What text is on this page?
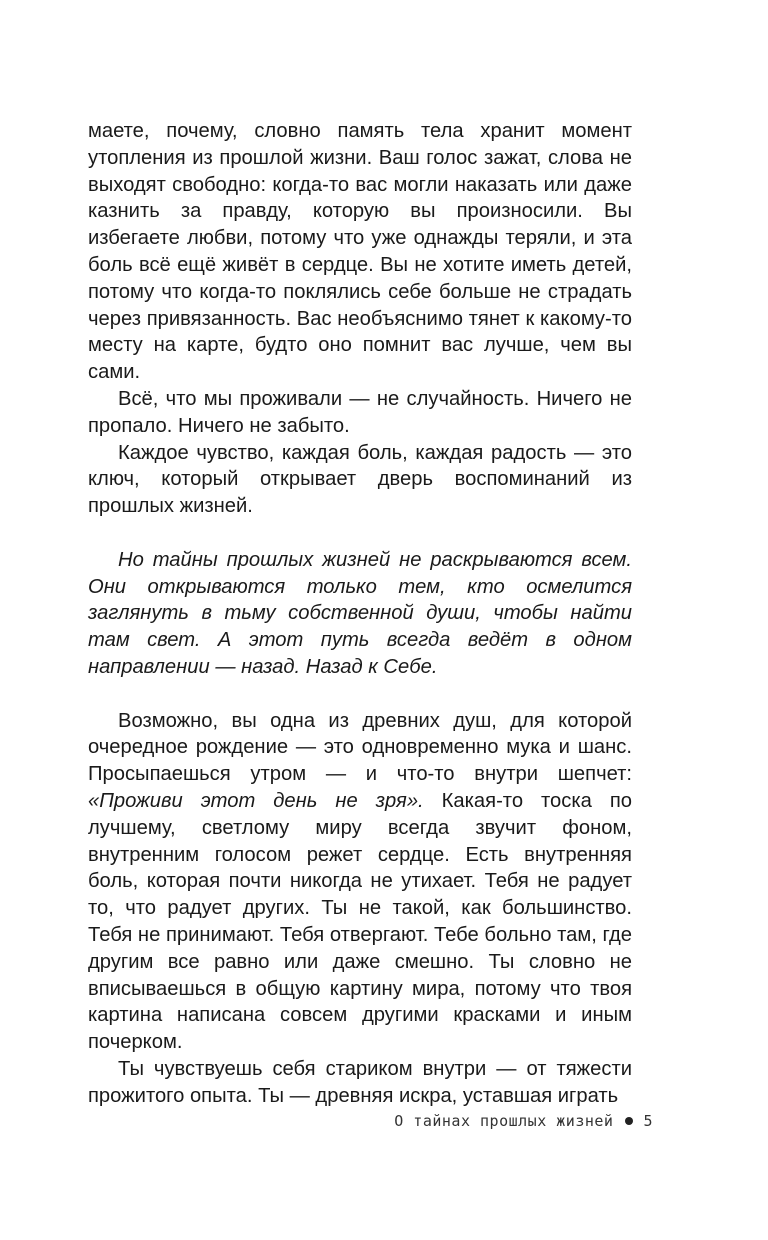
маете, почему, словно память тела хранит момент утопления из прошлой жизни. Ваш голос зажат, слова не выходят свободно: когда-то вас могли наказать или даже казнить за правду, которую вы произносили. Вы избегаете любви, потому что уже однажды теряли, и эта боль всё ещё живёт в сердце. Вы не хотите иметь детей, потому что когда-то поклялись себе больше не страдать через привязанность. Вас необъяснимо тянет к какому-то месту на карте, будто оно помнит вас лучше, чем вы сами.

Всё, что мы проживали — не случайность. Ничего не пропало. Ничего не забыто.

Каждое чувство, каждая боль, каждая радость — это ключ, который открывает дверь воспоминаний из прошлых жизней.

Но тайны прошлых жизней не раскрываются всем. Они открываются только тем, кто осмелится заглянуть в тьму собственной души, чтобы найти там свет. А этот путь всегда ведёт в одном направлении — назад. Назад к Себе.

Возможно, вы одна из древних душ, для которой очередное рождение — это одновременно мука и шанс. Просыпаешься утром — и что-то внутри шепчет: «Проживи этот день не зря». Какая-то тоска по лучшему, светлому миру всегда звучит фоном, внутренним голосом режет сердце. Есть внутренняя боль, которая почти никогда не утихает. Тебя не радует то, что радует других. Ты не такой, как большинство. Тебя не принимают. Тебя отвергают. Тебе больно там, где другим все равно или даже смешно. Ты словно не вписываешься в общую картину мира, потому что твоя картина написана совсем другими красками и иным почерком.

Ты чувствуешь себя стариком внутри — от тяжести прожитого опыта. Ты — древняя искра, уставшая играть

О тайнах прошлых жизней 5
